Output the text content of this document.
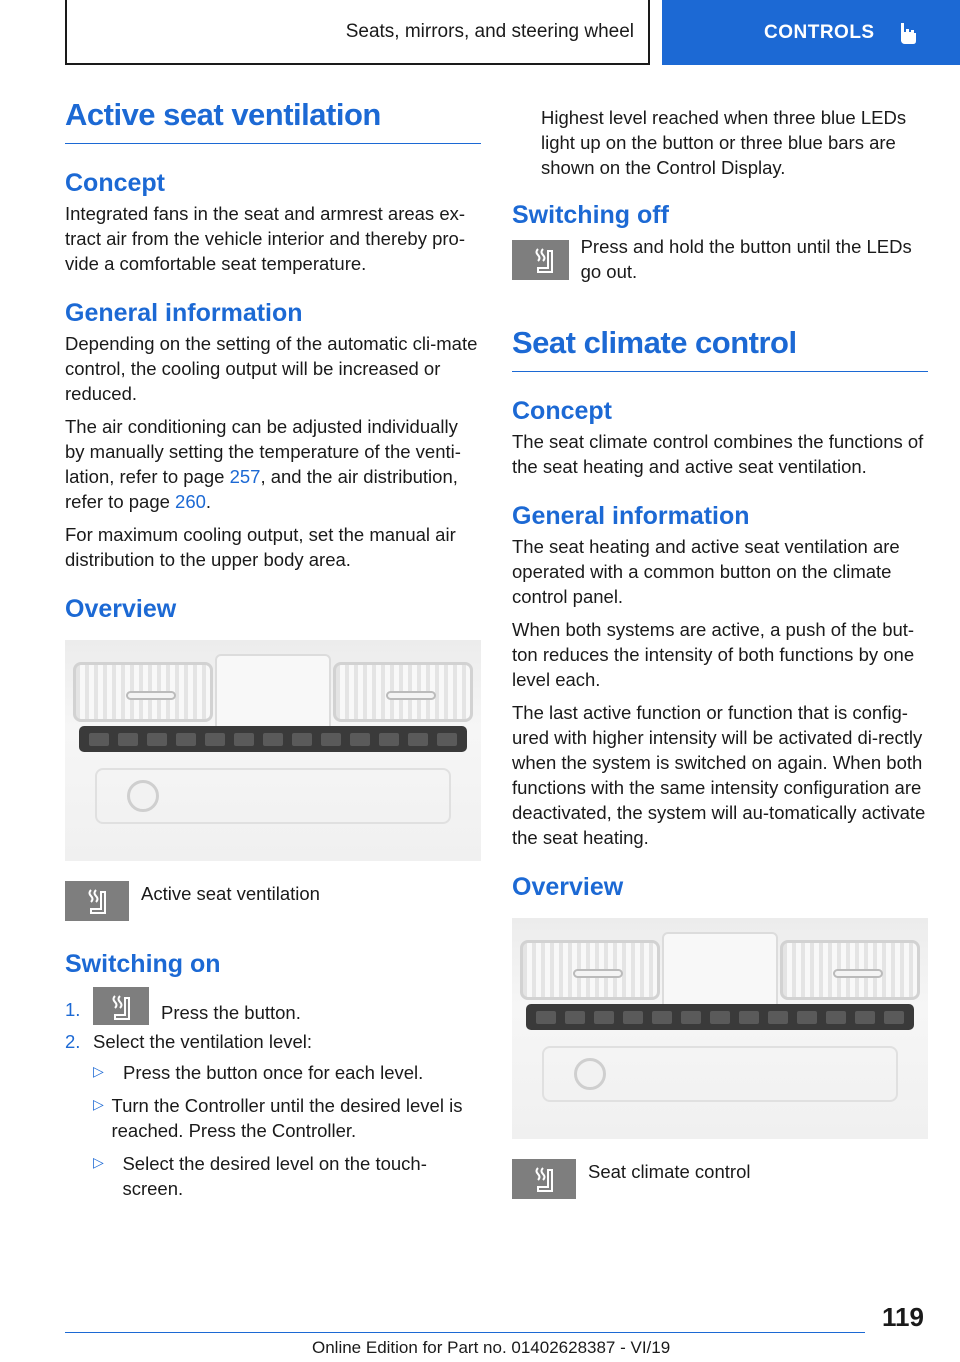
Seats, mirrors, and steering wheel	CONTROLS
Active seat ventilation
Concept

Integrated fans in the seat and armrest areas ex-tract air from the vehicle interior and thereby pro-vide a comfortable seat temperature.

General information

Depending on the setting of the automatic cli-mate control, the cooling output will be increased or reduced.

The air conditioning can be adjusted individually by manually setting the temperature of the venti-lation, refer to page 257, and the air distribution, refer to page 260.

For maximum cooling output, set the manual air distribution to the upper body area.

Overview

Active seat ventilation

Switching on
1.	Press the button.

2. Select the ventilation level:

▷	Press the button once for each level.

▷ Turn the Controller until the desired level is reached. Press the Controller.

▷	Select the desired level on the touch-screen.

Highest level reached when three blue LEDs light up on the button or three blue bars are shown on the Control Display.

Switching off

Press and hold the button until the LEDs go out.

Seat climate control
Concept

The seat climate control combines the functions of the seat heating and active seat ventilation.

General information

The seat heating and active seat ventilation are operated with a common button on the climate control panel.

When both systems are active, a push of the but-ton reduces the intensity of both functions by one level each.

The last active function or function that is config-ured with higher intensity will be activated di-rectly when the system is switched on again. When both functions with the same intensity configuration are deactivated, the system will au-tomatically activate the seat heating.

Overview

Seat climate control

119
Online Edition for Part no. 01402628387 - VI/19
